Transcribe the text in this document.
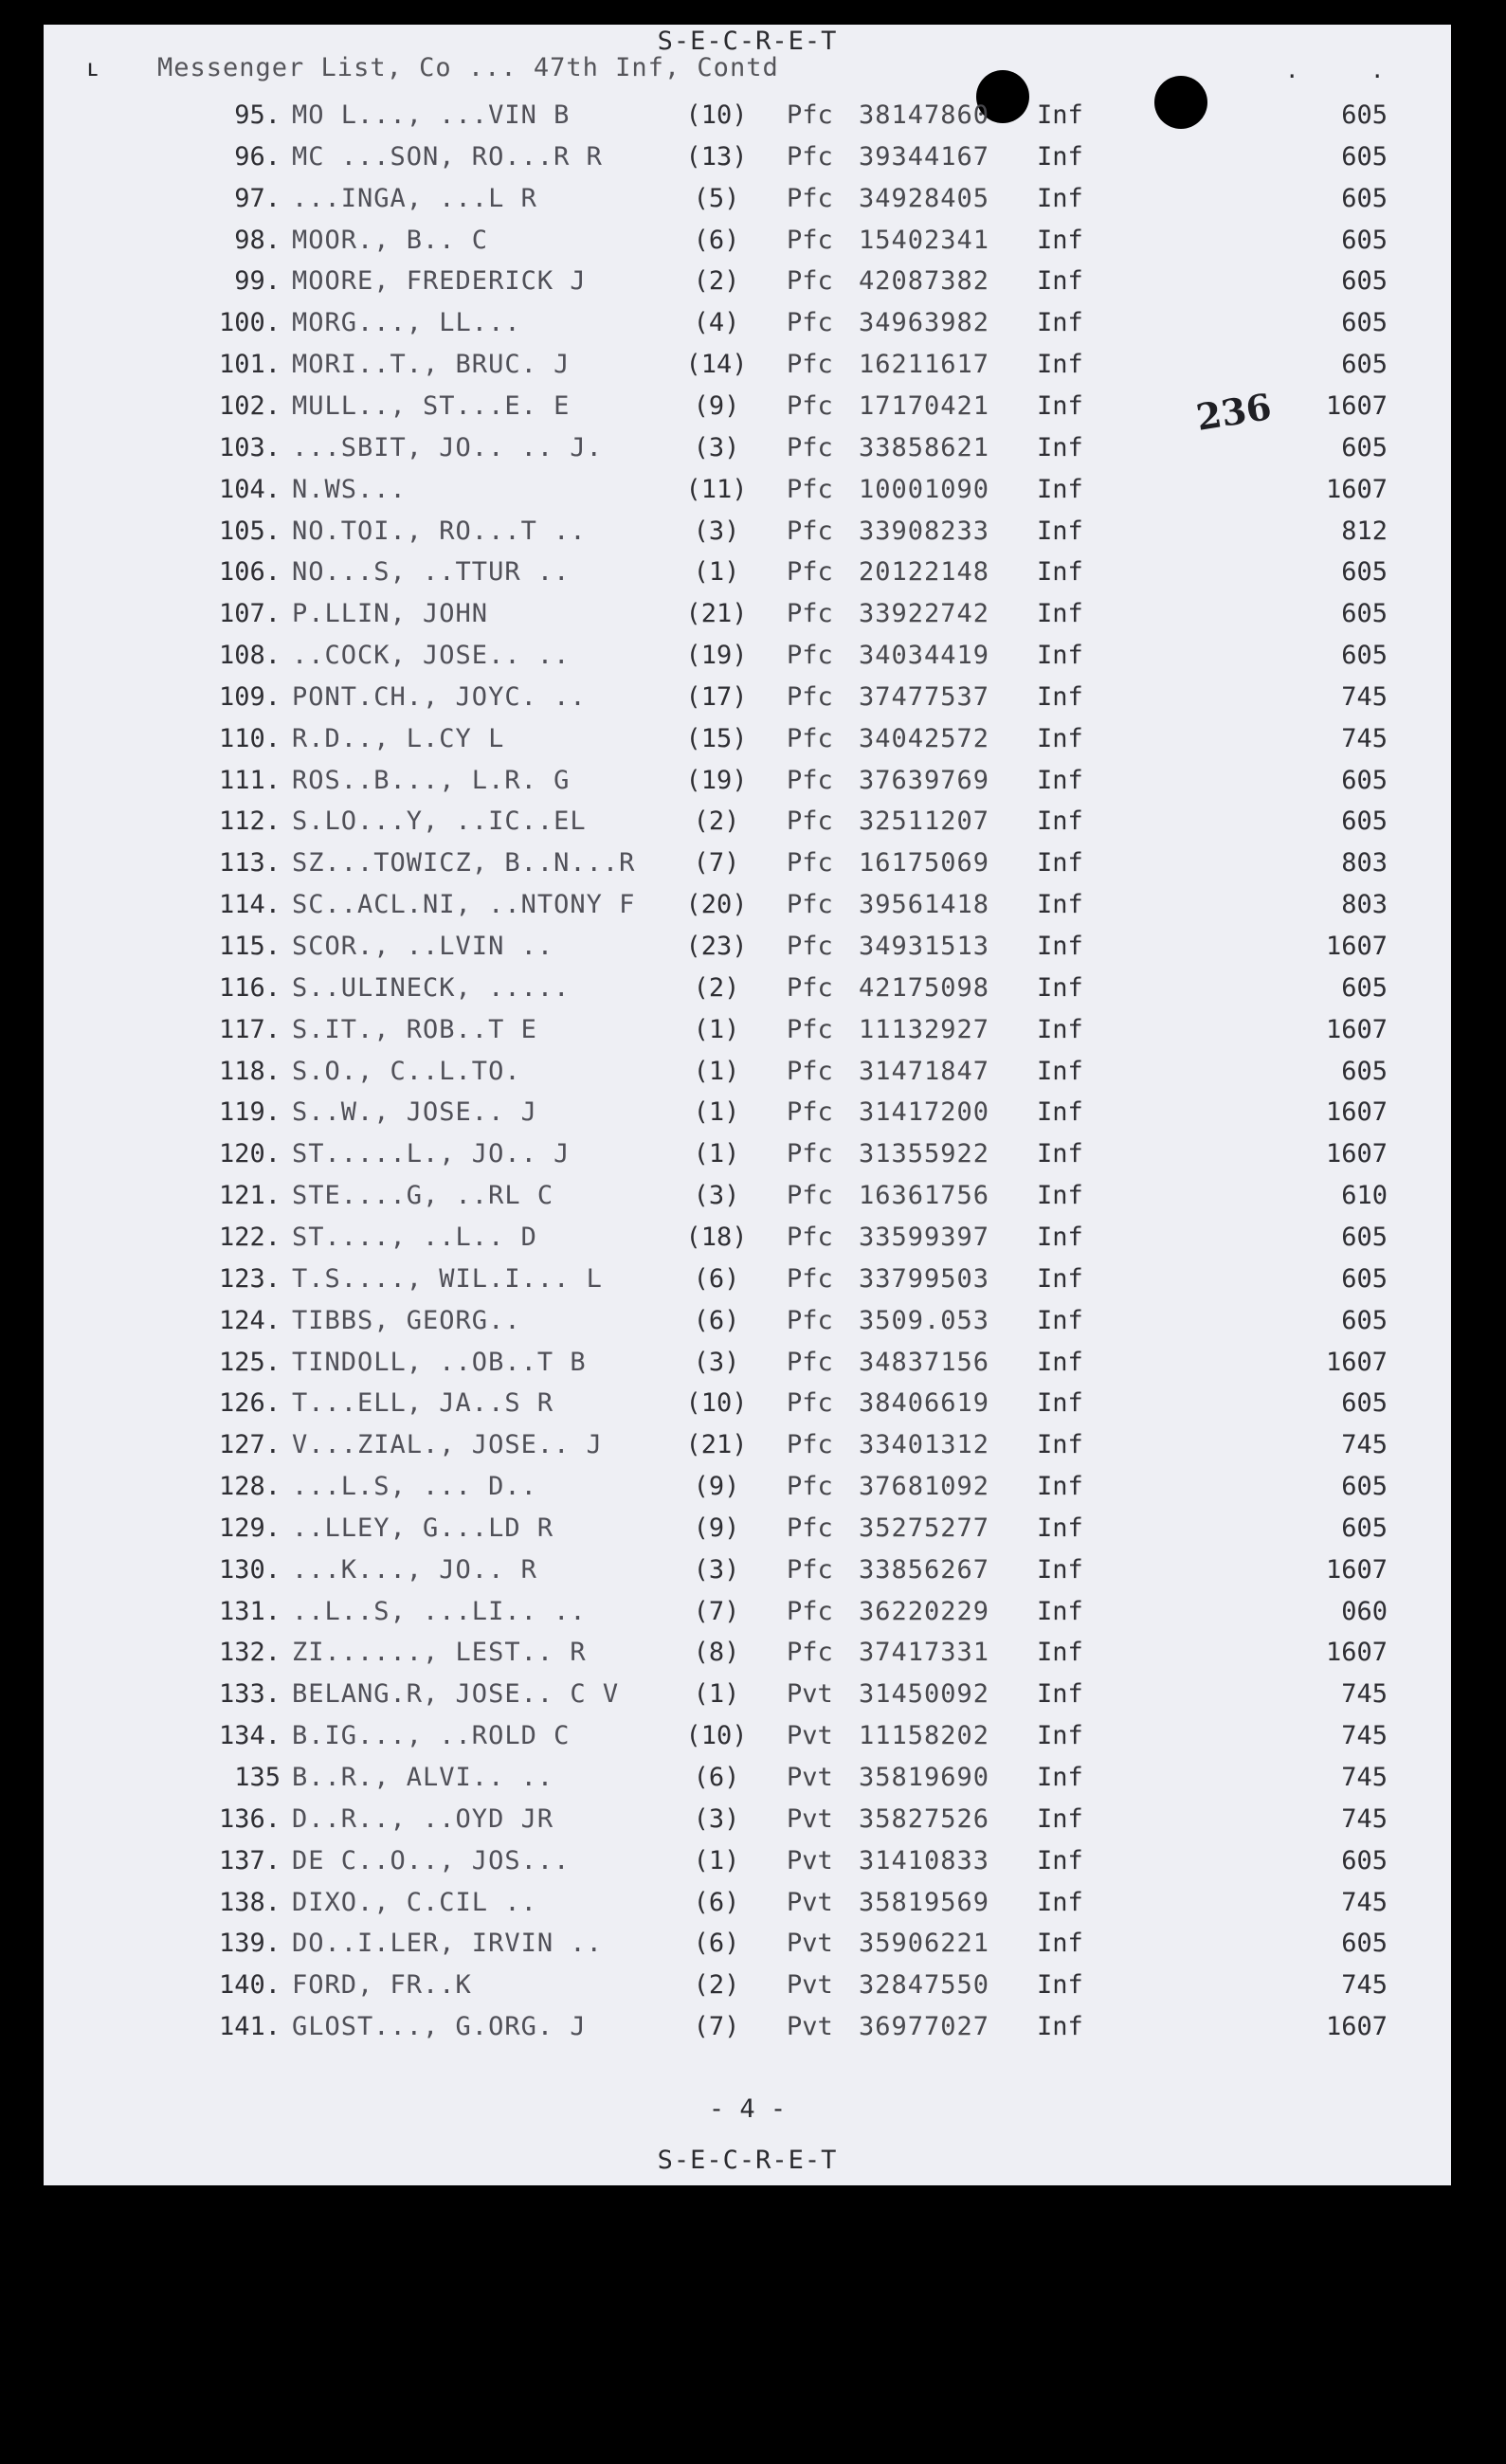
S-E-C-R-E-T
ʟ Messenger List, Co ... 47th Inf, Contd	.	.
95. MO L..., ...VIN B	(10)	Pfc 38147860 Inf	605
96. MC ...SON, RO...R R	(13)	Pfc 39344167 Inf	605
97. ...INGA, ...L R	(5)	Pfc 34928405 Inf	605
98. MOOR., B.. C	(6)	Pfc 15402341 Inf	605
99. MOORE, FREDERICK J	(2)	Pfc 42087382 Inf	605
100. MORG..., LL...	(4)	Pfc 34963982 Inf	605
101. MORI..T., BRUC. J	(14)	Pfc 16211617 Inf	605
102. MULL.., ST...E. E	(9)	Pfc 17170421 Inf	1607
103. ...SBIT, JO.. .. J.	(3)	Pfc 33858621 Inf	605
104. N.WS...	(11)	Pfc 10001090 Inf	1607
105. NO.TOI., RO...T ..	(3)	Pfc 33908233 Inf	812
106. NO...S, ..TTUR ..	(1)	Pfc 20122148 Inf	605
107. P.LLIN, JOHN	(21)	Pfc 33922742 Inf	605
108. ..COCK, JOSE.. ..	(19)	Pfc 34034419 Inf	605
109. PONT.CH., JOYC. ..	(17)	Pfc 37477537 Inf	745
110. R.D.., L.CY L	(15)	Pfc 34042572 Inf	745
111. ROS..B..., L.R. G	(19)	Pfc 37639769 Inf	605
112. S.LO...Y, ..IC..EL	(2)	Pfc 32511207 Inf	605
113. SZ...TOWICZ, B..N...R	(7)	Pfc 16175069 Inf	803
114. SC..ACL.NI, ..NTONY F	(20)	Pfc 39561418 Inf	803
115. SCOR., ..LVIN ..	(23)	Pfc 34931513 Inf	1607
116. S..ULINECK, .....	(2)	Pfc 42175098 Inf	605
117. S.IT., ROB..T E	(1)	Pfc 11132927 Inf	1607
118. S.O., C..L.TO.	(1)	Pfc 31471847 Inf	605
119. S..W., JOSE.. J	(1)	Pfc 31417200 Inf	1607
120. ST.....L., JO.. J	(1)	Pfc 31355922 Inf	1607
121. STE....G, ..RL C	(3)	Pfc 16361756 Inf	610
122. ST...., ..L.. D	(18)	Pfc 33599397 Inf	605
123. T.S...., WIL.I... L	(6)	Pfc 33799503 Inf	605
124. TIBBS, GEORG..	(6)	Pfc 3509.053 Inf	605
125. TINDOLL, ..OB..T B	(3)	Pfc 34837156 Inf	1607
126. T...ELL, JA..S R	(10)	Pfc 38406619 Inf	605
127. V...ZIAL., JOSE.. J	(21)	Pfc 33401312 Inf	745
128. ...L.S, ... D..	(9)	Pfc 37681092 Inf	605
129. ..LLEY, G...LD R	(9)	Pfc 35275277 Inf	605
130. ...K..., JO.. R	(3)	Pfc 33856267 Inf	1607
131. ..L..S, ...LI.. ..	(7)	Pfc 36220229 Inf	060
132. ZI......, LEST.. R	(8)	Pfc 37417331 Inf	1607
133. BELANG.R, JOSE.. C V	(1)	Pvt 31450092 Inf	745
134. B.IG..., ..ROLD C	(10)	Pvt 11158202 Inf	745
135 B..R., ALVI.. ..	(6)	Pvt 35819690 Inf	745
136. D..R.., ..OYD JR	(3)	Pvt 35827526 Inf	745
137. DE C..O.., JOS...	(1)	Pvt 31410833 Inf	605
138. DIXO., C.CIL ..	(6)	Pvt 35819569 Inf	745
139. DO..I.LER, IRVIN ..	(6)	Pvt 35906221 Inf	605
140. FORD, FR..K	(2)	Pvt 32847550 Inf	745
141. GLOST..., G.ORG. J	(7)	Pvt 36977027 Inf	1607
236
- 4 -
S-E-C-R-E-T
